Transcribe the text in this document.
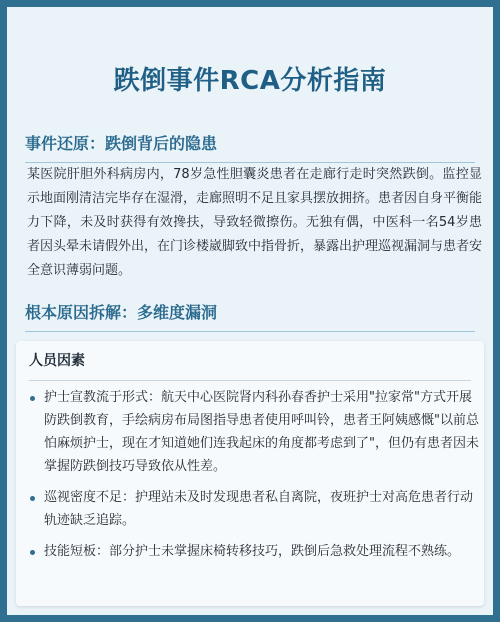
跌倒事件RCA分析指南
事件还原：跌倒背后的隐患

某医院肝胆外科病房内，78岁急性胆囊炎患者在走廊行走时突然跌倒。监控显示地面刚清洁完毕存在湿滑，走廊照明不足且家具摆放拥挤。患者因自身平衡能力下降，未及时获得有效搀扶，导致轻微擦伤。无独有偶，中医科一名54岁患者因头晕未请假外出，在门诊楼崴脚致中指骨折，暴露出护理巡视漏洞与患者安全意识薄弱问题。

根本原因拆解：多维度漏洞
人员因素
护士宣教流于形式：航天中心医院肾内科孙春香护士采用"拉家常"方式开展防跌倒教育，手绘病房布局图指导患者使用呼叫铃，患者王阿姨感慨"以前总怕麻烦护士，现在才知道她们连我起床的角度都考虑到了"，但仍有患者因未掌握防跌倒技巧导致依从性差。
巡视密度不足：护理站未及时发现患者私自离院，夜班护士对高危患者行动轨迹缺乏追踪。
技能短板：部分护士未掌握床椅转移技巧，跌倒后急救处理流程不熟练。
